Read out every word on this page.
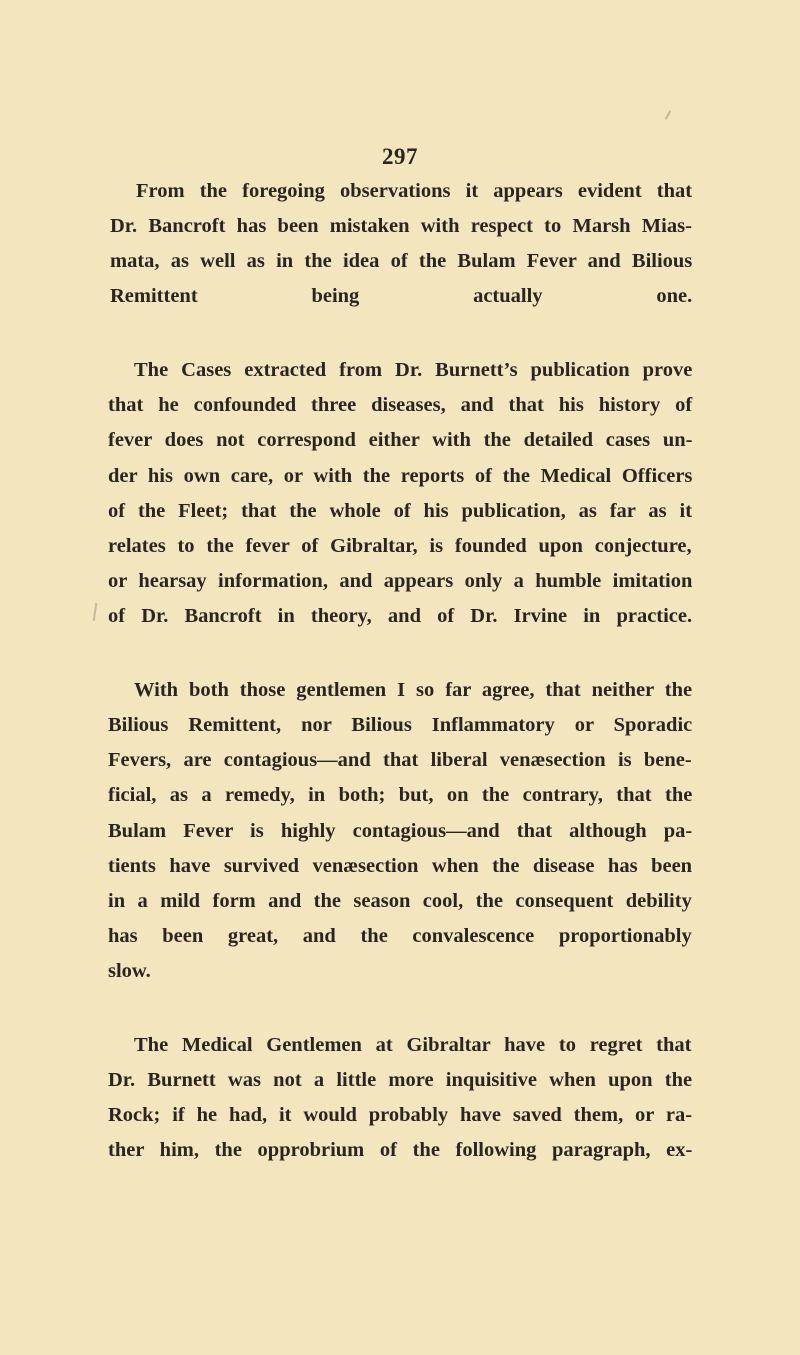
297
From the foregoing observations it appears evident that
Dr. Bancroft has been mistaken with respect to Marsh Mias-
mata, as well as in the idea of the Bulam Fever and Bilious
Remittent being actually one.
The Cases extracted from Dr. Burnett’s publication prove
that he confounded three diseases, and that his history of
fever does not correspond either with the detailed cases un-
der his own care, or with the reports of the Medical Officers
of the Fleet; that the whole of his publication, as far as it
relates to the fever of Gibraltar, is founded upon conjecture,
or hearsay information, and appears only a humble imitation
of Dr. Bancroft in theory, and of Dr. Irvine in practice.
With both those gentlemen I so far agree, that neither the
Bilious Remittent, nor Bilious Inflammatory or Sporadic
Fevers, are contagious—and that liberal venæsection is bene-
ficial, as a remedy, in both; but, on the contrary, that the
Bulam Fever is highly contagious—and that although pa-
tients have survived venæsection when the disease has been
in a mild form and the season cool, the consequent debility
has been great, and the convalescence proportionably
slow.
The Medical Gentlemen at Gibraltar have to regret that
Dr. Burnett was not a little more inquisitive when upon the
Rock; if he had, it would probably have saved them, or ra-
ther him, the opprobrium of the following paragraph, ex-
